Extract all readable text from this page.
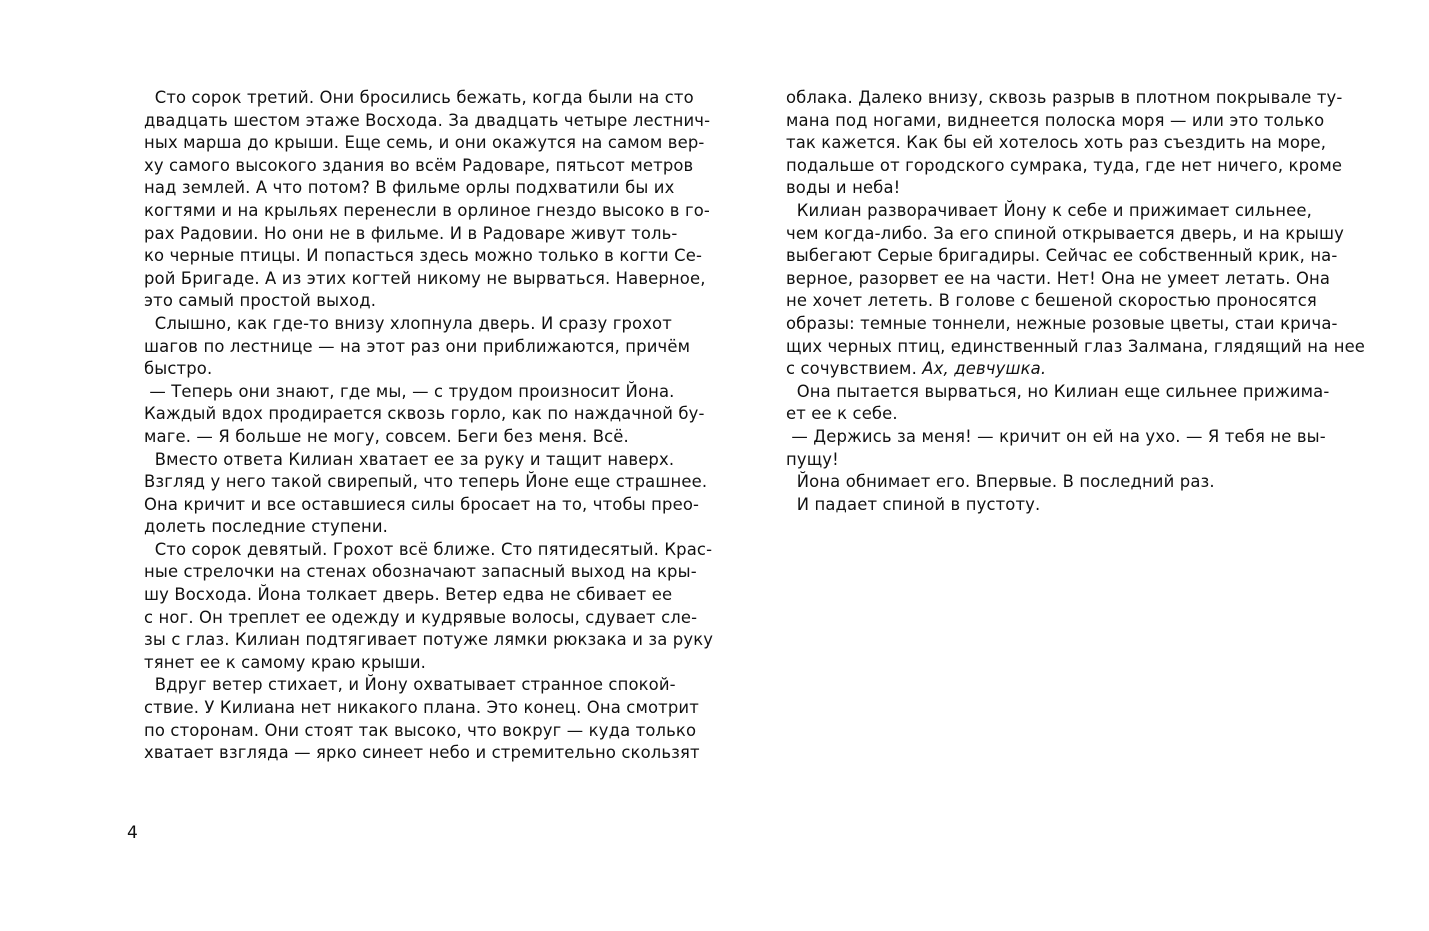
Сто сорок третий. Они бросились бежать, когда были на сто
двадцать шестом этаже Восхода. За двадцать четыре лестнич-
ных марша до крыши. Еще семь, и они окажутся на самом вер-
ху самого высокого здания во всём Радоваре, пятьсот метров
над землей. А что потом? В фильме орлы подхватили бы их
когтями и на крыльях перенесли в орлиное гнездо высоко в го-
рах Радовии. Но они не в фильме. И в Радоваре живут толь-
ко черные птицы. И попасться здесь можно только в когти Се-
рой Бригаде. А из этих когтей никому не вырваться. Наверное,
это самый простой выход.
Слышно, как где-то внизу хлопнула дверь. И сразу грохот
шагов по лестнице — на этот раз они приближаются, причём
быстро.
— Теперь они знают, где мы, — с трудом произносит Йона.
Каждый вдох продирается сквозь горло, как по наждачной бу-
маге. — Я больше не могу, совсем. Беги без меня. Всё.
Вместо ответа Килиан хватает ее за руку и тащит наверх.
Взгляд у него такой свирепый, что теперь Йоне еще страшнее.
Она кричит и все оставшиеся силы бросает на то, чтобы прео-
долеть последние ступени.
Сто сорок девятый. Грохот всё ближе. Сто пятидесятый. Крас-
ные стрелочки на стенах обозначают запасный выход на кры-
шу Восхода. Йона толкает дверь. Ветер едва не сбивает ее
с ног. Он треплет ее одежду и кудрявые волосы, сдувает сле-
зы с глаз. Килиан подтягивает потуже лямки рюкзака и за руку
тянет ее к самому краю крыши.
Вдруг ветер стихает, и Йону охватывает странное спокой-
ствие. У Килиана нет никакого плана. Это конец. Она смотрит
по сторонам. Они стоят так высоко, что вокруг — куда только
хватает взгляда — ярко синеет небо и стремительно скользят
облака. Далеко внизу, сквозь разрыв в плотном покрывале ту-
мана под ногами, виднеется полоска моря — или это только
так кажется. Как бы ей хотелось хоть раз съездить на море,
подальше от городского сумрака, туда, где нет ничего, кроме
воды и неба!
Килиан разворачивает Йону к себе и прижимает сильнее,
чем когда-либо. За его спиной открывается дверь, и на крышу
выбегают Серые бригадиры. Сейчас ее собственный крик, на-
верное, разорвет ее на части. Нет! Она не умеет летать. Она
не хочет лететь. В голове с бешеной скоростью проносятся
образы: темные тоннели, нежные розовые цветы, стаи крича-
щих черных птиц, единственный глаз Залмана, глядящий на нее
с сочувствием. Ах, девчушка.
Она пытается вырваться, но Килиан еще сильнее прижима-
ет ее к себе.
— Держись за меня! — кричит он ей на ухо. — Я тебя не вы-
пущу!
Йона обнимает его. Впервые. В последний раз.
И падает спиной в пустоту.
4
